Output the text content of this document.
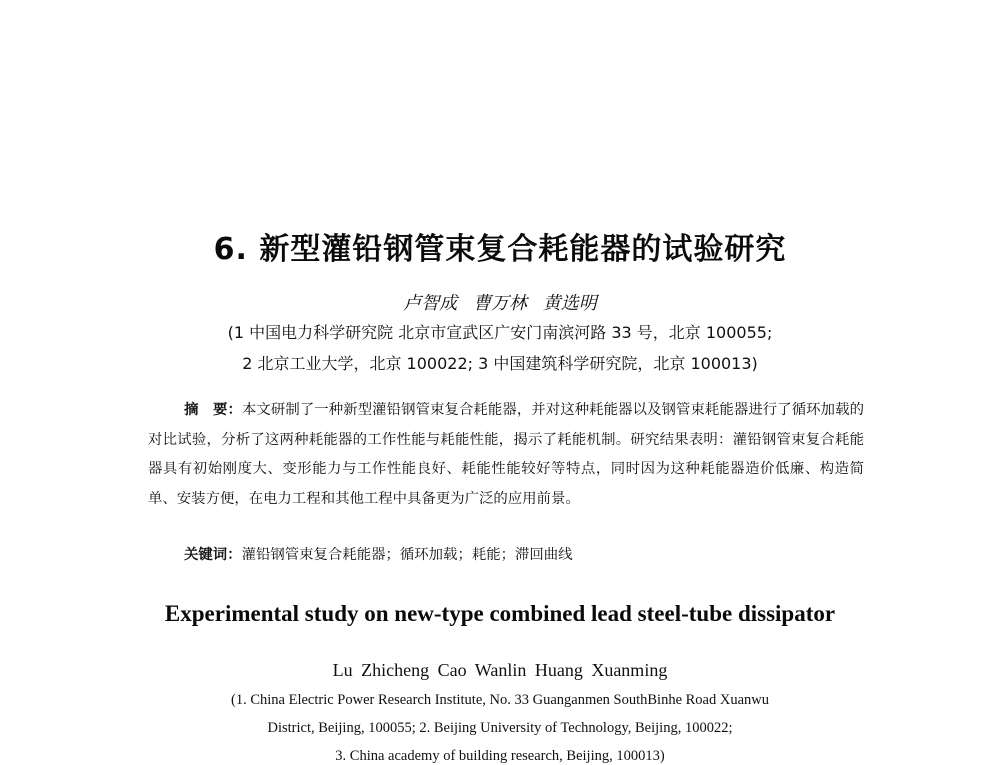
6. 新型灌铅钢管束复合耗能器的试验研究
卢智成 曹万林 黄选明
(1 中国电力科学研究院 北京市宣武区广安门南滨河路 33 号，北京 100055;
2 北京工业大学，北京 100022; 3 中国建筑科学研究院，北京 100013)
摘　要：本文研制了一种新型灌铅钢管束复合耗能器，并对这种耗能器以及钢管束耗能器进行了循环加载的对比试验，分析了这两种耗能器的工作性能与耗能性能，揭示了耗能机制。研究结果表明：灌铅钢管束复合耗能器具有初始刚度大、变形能力与工作性能良好、耗能性能较好等特点，同时因为这种耗能器造价低廉、构造简单、安装方便，在电力工程和其他工程中具备更为广泛的应用前景。
关键词：灌铅钢管束复合耗能器；循环加载；耗能；滞回曲线
Experimental study on new-type combined lead steel-tube dissipator
Lu Zhicheng Cao Wanlin Huang Xuanming
(1. China Electric Power Research Institute, No. 33 Guanganmen SouthBinhe Road Xuanwu
District, Beijing, 100055; 2. Beijing University of Technology, Beijing, 100022;
3. China academy of building research, Beijing, 100013)
